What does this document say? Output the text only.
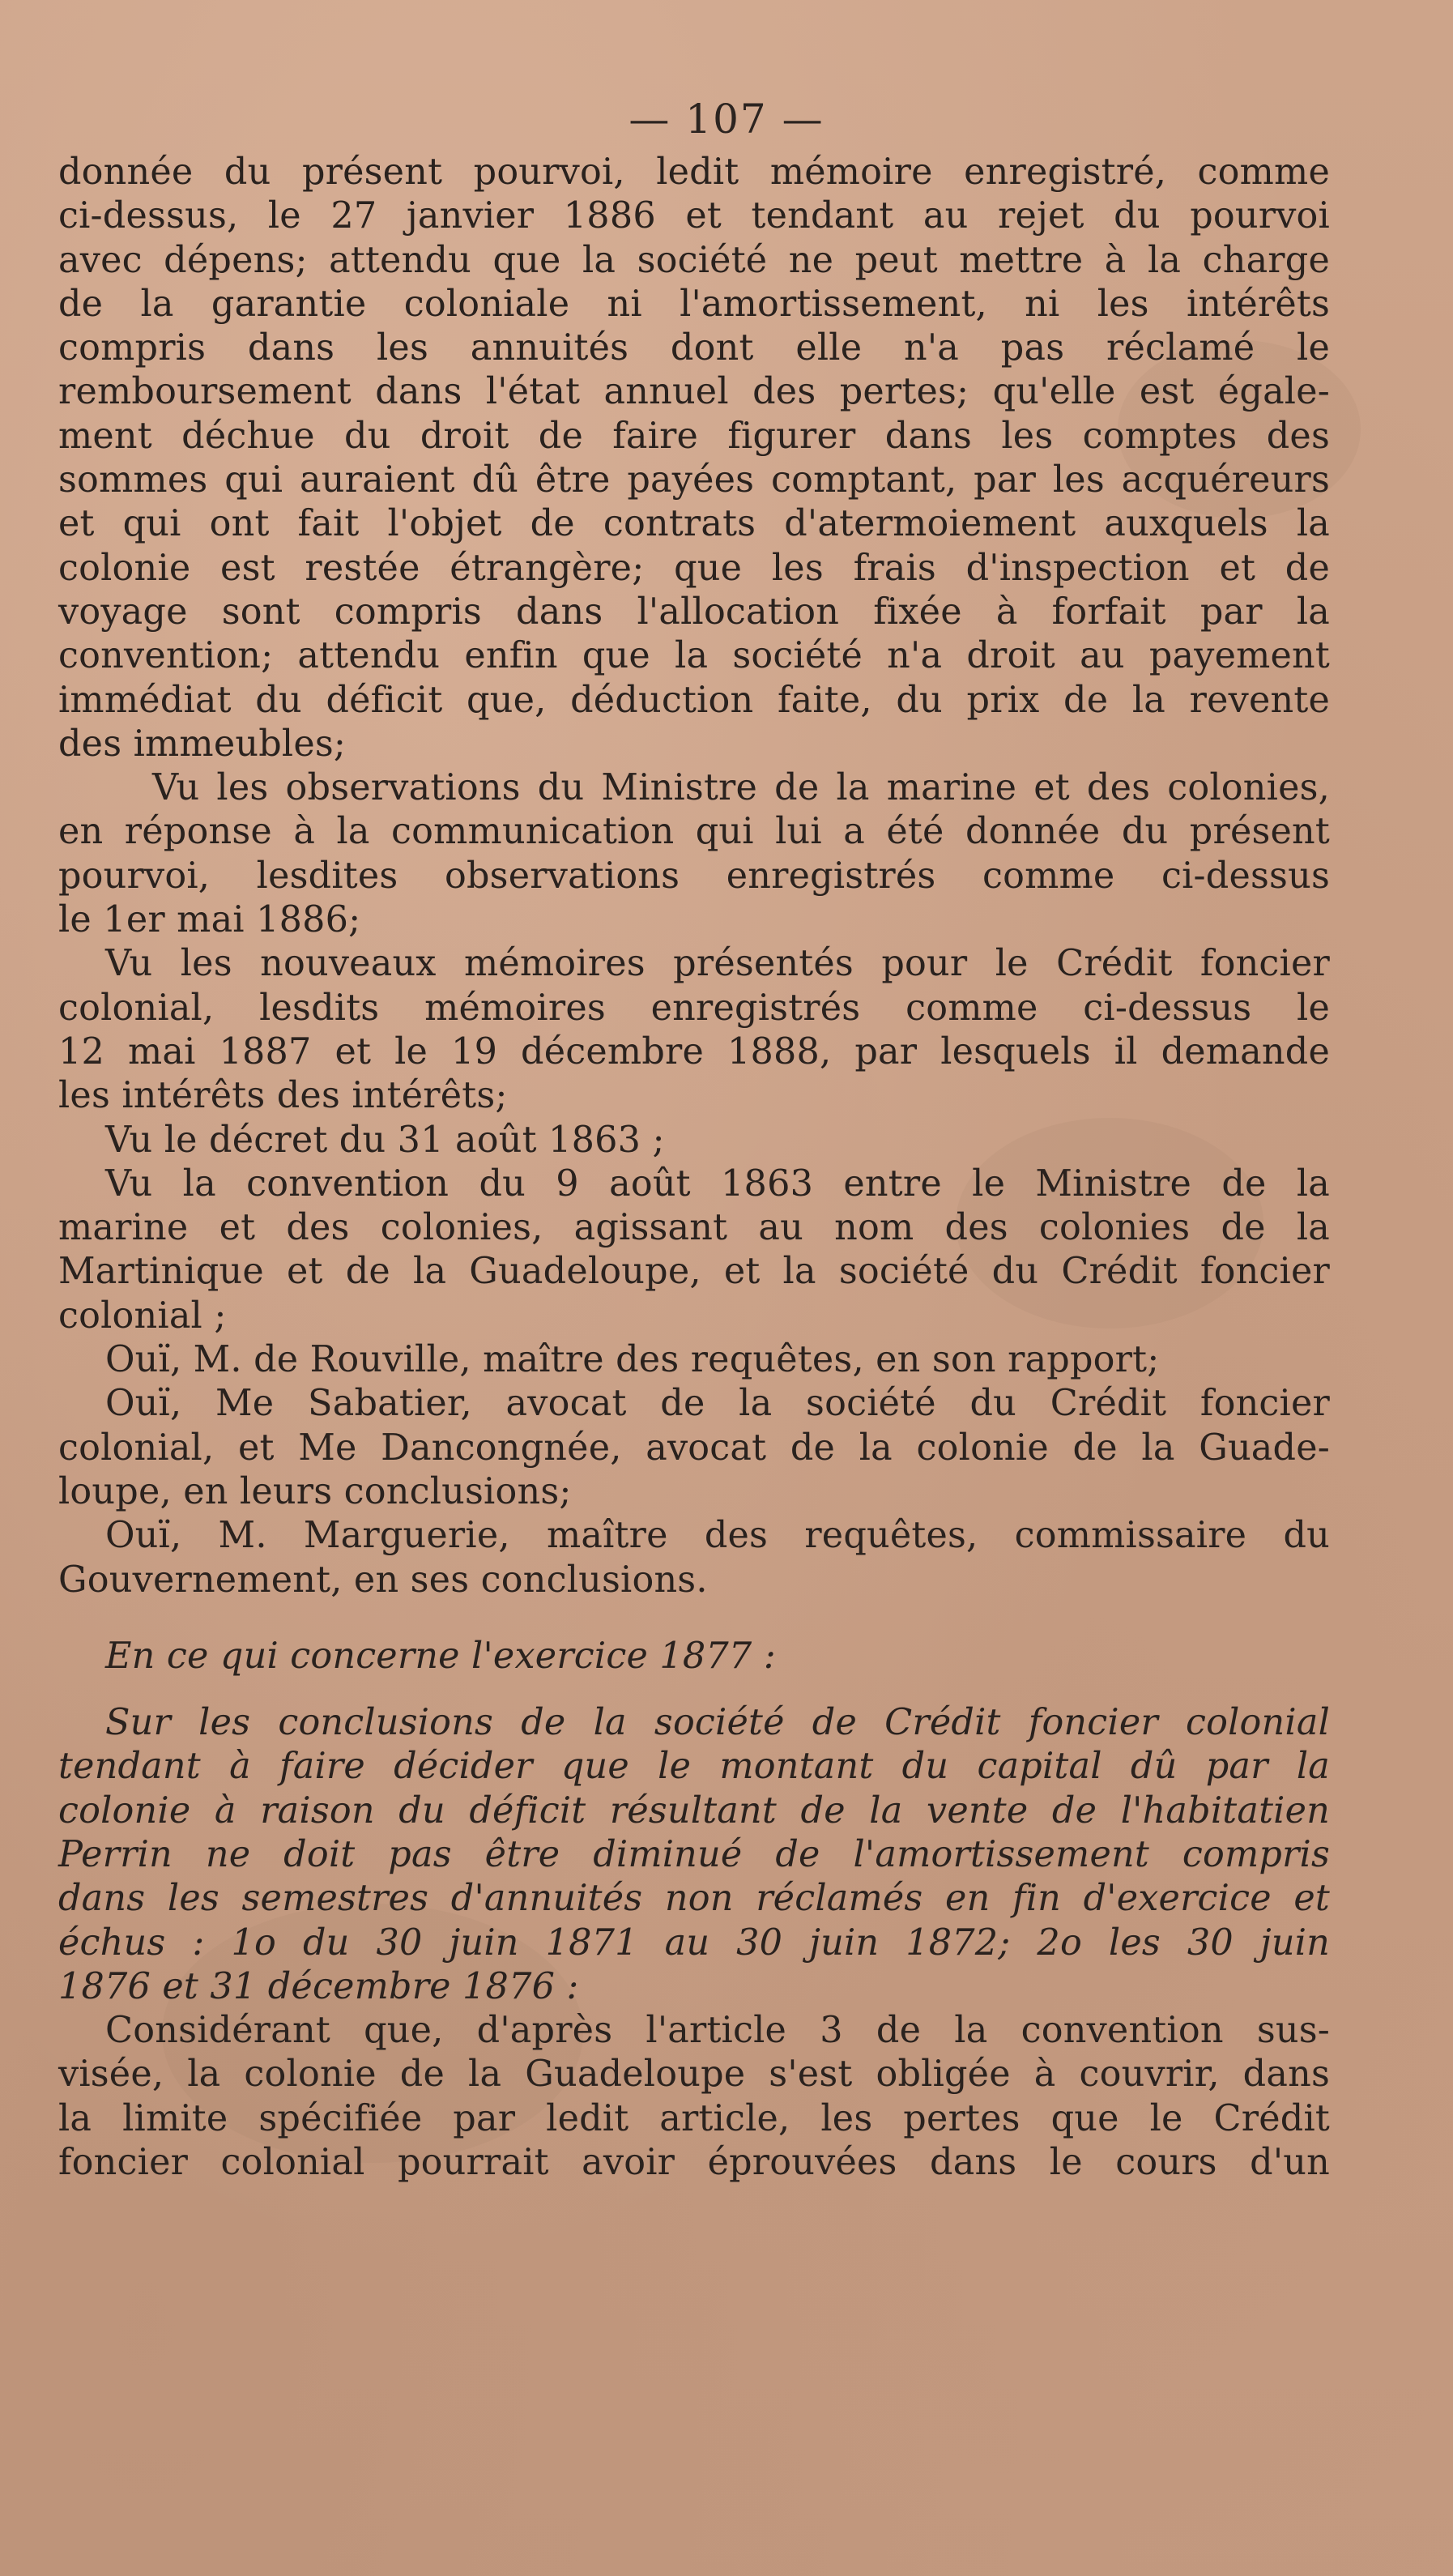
— 107 —
donnée du présent pourvoi, ledit mémoire enregistré, comme
ci-dessus, le 27 janvier 1886 et tendant au rejet du pourvoi
avec dépens; attendu que la société ne peut mettre à la charge
de la garantie coloniale ni l'amortissement, ni les intérêts
compris dans les annuités dont elle n'a pas réclamé le
remboursement dans l'état annuel des pertes; qu'elle est égale-
ment déchue du droit de faire figurer dans les comptes des
sommes qui auraient dû être payées comptant, par les acquéreurs
et qui ont fait l'objet de contrats d'atermoiement auxquels la
colonie est restée étrangère; que les frais d'inspection et de
voyage sont compris dans l'allocation fixée à forfait par la
convention; attendu enfin que la société n'a droit au payement
immédiat du déficit que, déduction faite, du prix de la revente
des immeubles;
Vu les observations du Ministre de la marine et des colonies,
en réponse à la communication qui lui a été donnée du présent
pourvoi, lesdites observations enregistrés comme ci-dessus
le 1er mai 1886;
Vu les nouveaux mémoires présentés pour le Crédit foncier
colonial, lesdits mémoires enregistrés comme ci-dessus le
12 mai 1887 et le 19 décembre 1888, par lesquels il demande
les intérêts des intérêts;
Vu le décret du 31 août 1863 ;
Vu la convention du 9 août 1863 entre le Ministre de la
marine et des colonies, agissant au nom des colonies de la
Martinique et de la Guadeloupe, et la société du Crédit foncier
colonial ;
Ouï, M. de Rouville, maître des requêtes, en son rapport;
Ouï, Me Sabatier, avocat de la société du Crédit foncier
colonial, et Me Dancongnée, avocat de la colonie de la Guade-
loupe, en leurs conclusions;
Ouï, M. Marguerie, maître des requêtes, commissaire du
Gouvernement, en ses conclusions.
En ce qui concerne l'exercice 1877 :
Sur les conclusions de la société de Crédit foncier colonial
tendant à faire décider que le montant du capital dû par la
colonie à raison du déficit résultant de la vente de l'habitatien
Perrin ne doit pas être diminué de l'amortissement compris
dans les semestres d'annuités non réclamés en fin d'exercice et
échus : 1o du 30 juin 1871 au 30 juin 1872; 2o les 30 juin
1876 et 31 décembre 1876 :
Considérant que, d'après l'article 3 de la convention sus-
visée, la colonie de la Guadeloupe s'est obligée à couvrir, dans
la limite spécifiée par ledit article, les pertes que le Crédit
foncier colonial pourrait avoir éprouvées dans le cours d'un
